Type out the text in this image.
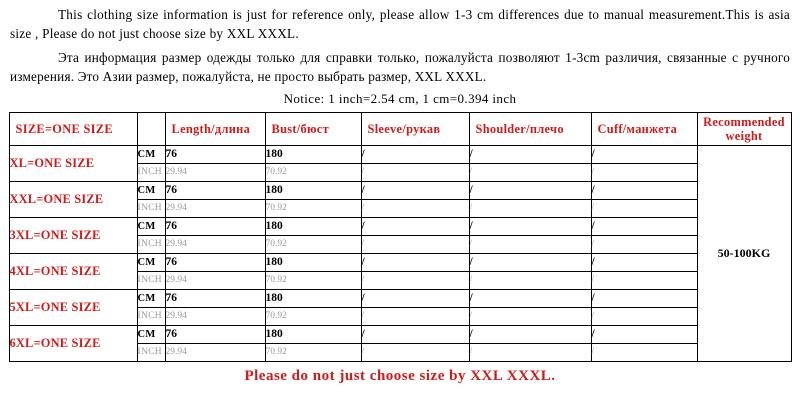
This clothing size information is just for reference only, please allow 1-3 cm differences due to manual measurement.This is asia size , Please do not just choose size by XXL XXXL.

Эта информация размер одежды только для справки только, пожалуйста позволяют 1-3cm различия, связанные с ручного измерения. Это Азии размер, пожалуйста, не просто выбрать размер, XXL XXXL.

Notice: 1 inch=2.54 cm, 1 cm=0.394 inch
SIZE=ONE SIZE		Length/длина	Bust/бюст	Sleeve/рукав	Shoulder/плечо	Cuff/манжета	Recommended weight
XL=ONE SIZE	CM	76	180	/	/	/	50-100KG
	INCH	29.94	70.92	/	/	/	
XXL=ONE SIZE	CM	76	180	/	/	/	
	INCH	29.94	70.92	/	/	/	
3XL=ONE SIZE	CM	76	180	/	/	/	
	INCH	29.94	70.92	/	/	/	
4XL=ONE SIZE	CM	76	180	/	/	/	
	INCH	29.94	70.92	/	/	/	
5XL=ONE SIZE	CM	76	180	/	/	/	
	INCH	29.94	70.92	/	/	/	
6XL=ONE SIZE	CM	76	180	/	/	/	
	INCH	29.94	70.92	/	/	/	
Please do not just choose size by XXL XXXL.
